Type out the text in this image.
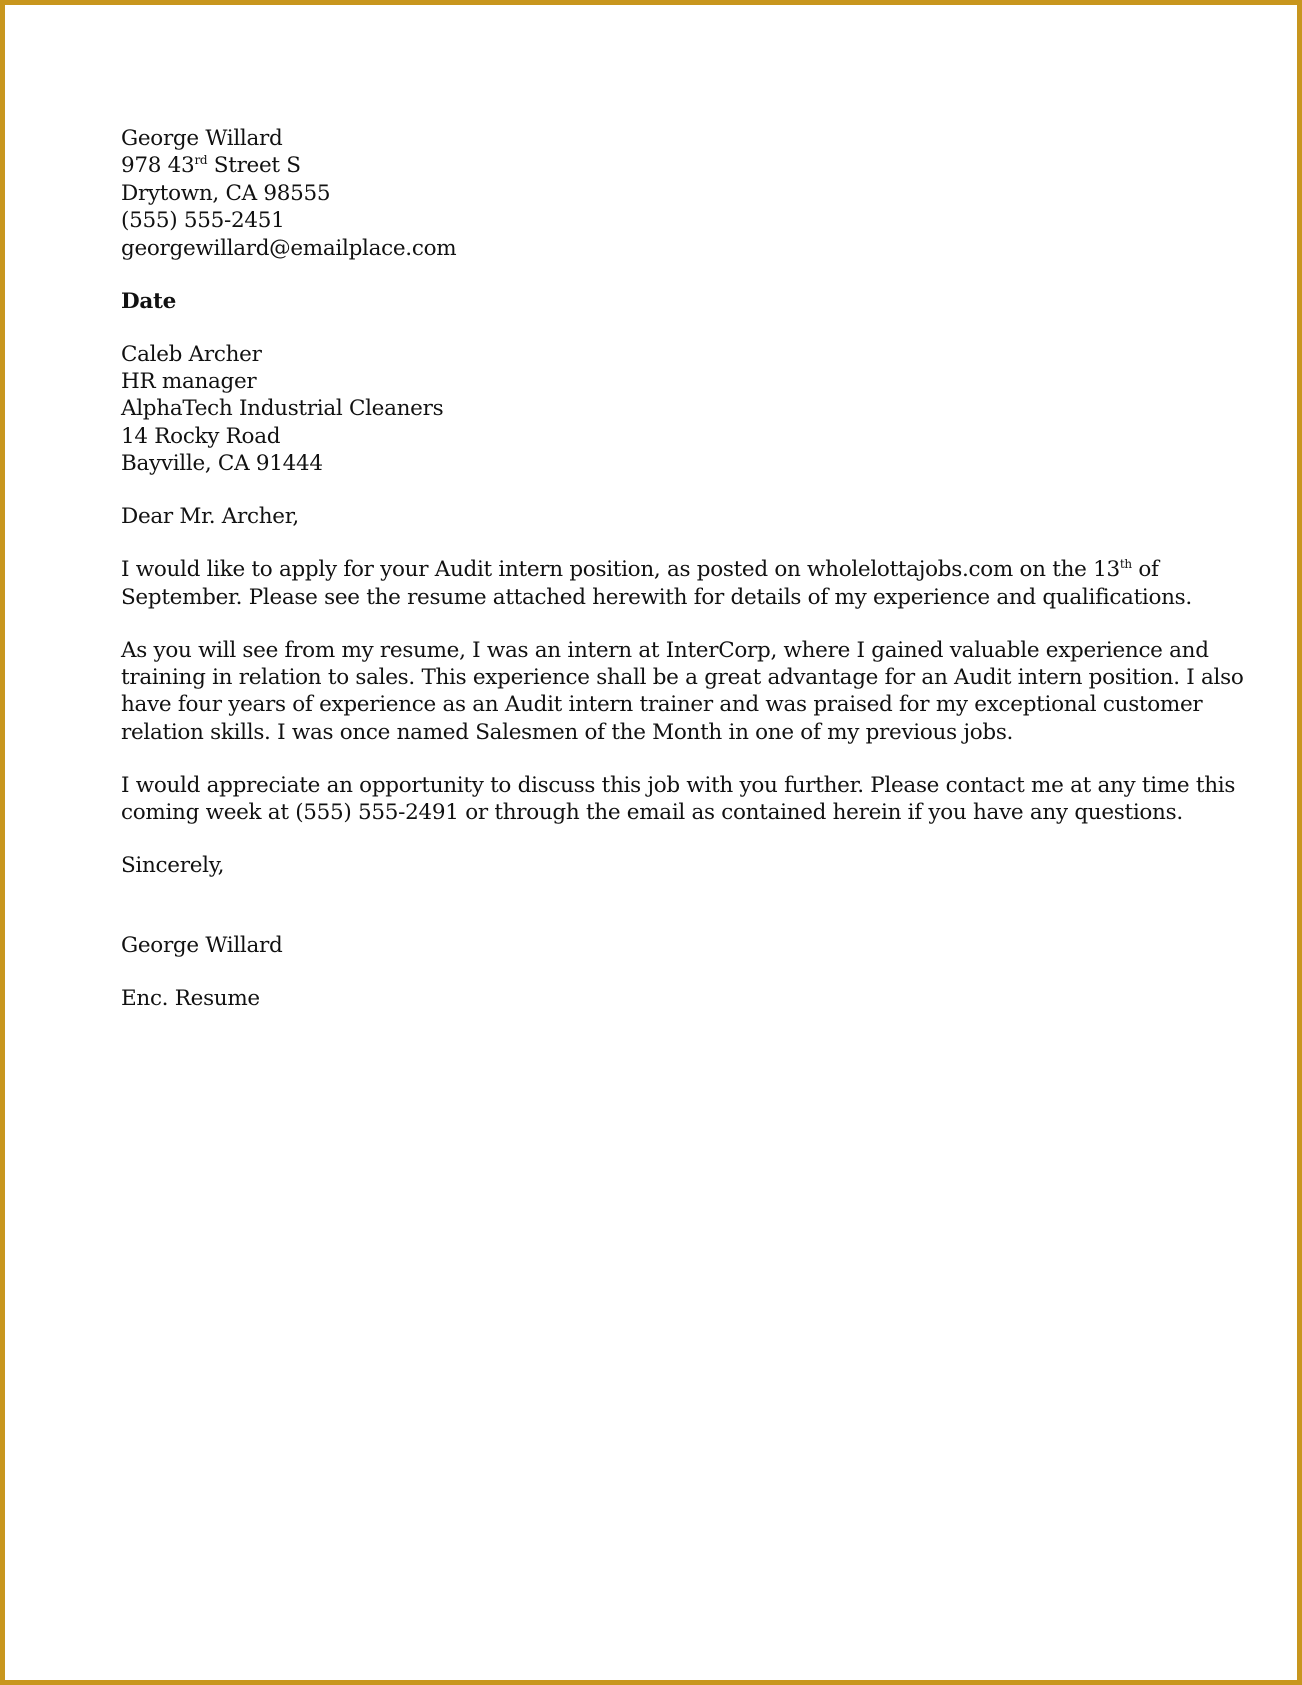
George Willard
978 43rd Street S
Drytown, CA 98555
(555) 555-2451
georgewillard@emailplace.com
Date
Caleb Archer
HR manager
AlphaTech Industrial Cleaners
14 Rocky Road
Bayville, CA 91444
Dear Mr. Archer,
I would like to apply for your Audit intern position, as posted on wholelottajobs.com on the 13th of
September. Please see the resume attached herewith for details of my experience and qualifications.
As you will see from my resume, I was an intern at InterCorp, where I gained valuable experience and
training in relation to sales. This experience shall be a great advantage for an Audit intern position. I also
have four years of experience as an Audit intern trainer and was praised for my exceptional customer
relation skills. I was once named Salesmen of the Month in one of my previous jobs.
I would appreciate an opportunity to discuss this job with you further. Please contact me at any time this
coming week at (555) 555-2491 or through the email as contained herein if you have any questions.
Sincerely,
George Willard
Enc. Resume
